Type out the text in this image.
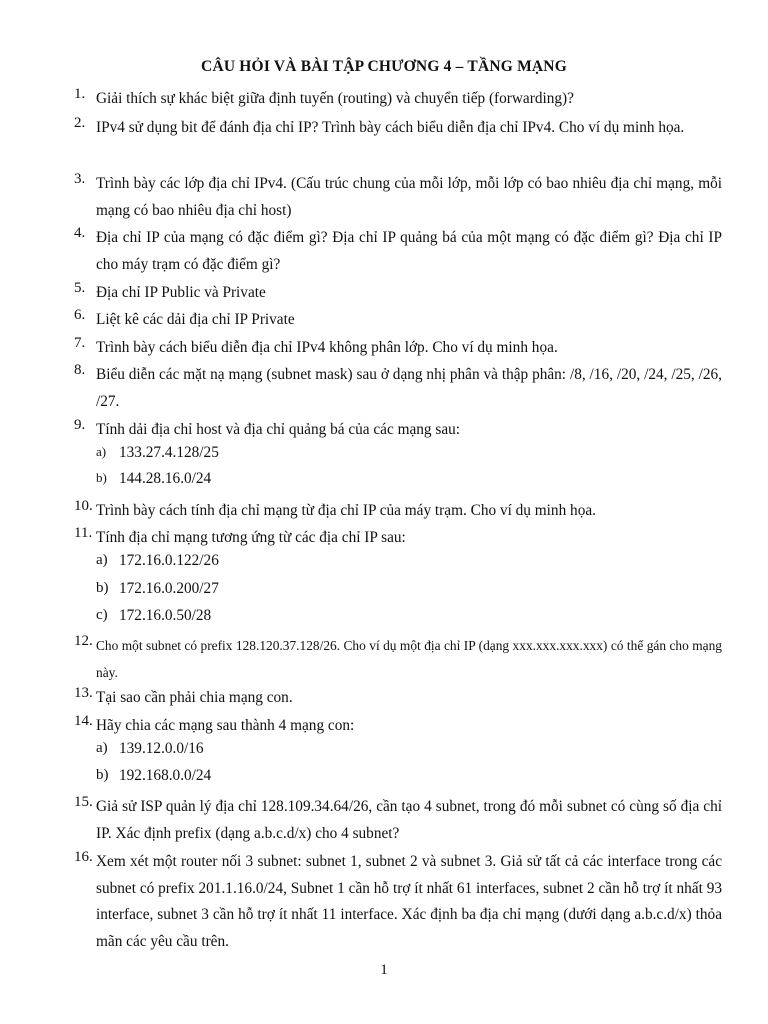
CÂU HỎI VÀ BÀI TẬP CHƯƠNG 4 – TẦNG MẠNG
1. Giải thích sự khác biệt giữa định tuyến (routing) và chuyển tiếp (forwarding)?
2. IPv4 sử dụng bit để đánh địa chỉ IP? Trình bày cách biểu diễn địa chỉ IPv4. Cho ví dụ minh họa.
3. Trình bày các lớp địa chỉ IPv4. (Cấu trúc chung của mỗi lớp, mỗi lớp có bao nhiêu địa chỉ mạng, mỗi mạng có bao nhiêu địa chỉ host)
4. Địa chỉ IP của mạng có đặc điểm gì? Địa chỉ IP quảng bá của một mạng có đặc điểm gì? Địa chỉ IP cho máy trạm có đặc điểm gì?
5. Địa chỉ IP Public và Private
6. Liệt kê các dải địa chỉ IP Private
7. Trình bày cách biểu diễn địa chỉ IPv4 không phân lớp. Cho ví dụ minh họa.
8. Biểu diễn các mặt nạ mạng (subnet mask) sau ở dạng nhị phân và thập phân: /8, /16, /20, /24, /25, /26, /27.
9. Tính dải địa chỉ host và địa chỉ quảng bá của các mạng sau:
a) 133.27.4.128/25
b) 144.28.16.0/24
10. Trình bày cách tính địa chỉ mạng từ địa chỉ IP của máy trạm. Cho ví dụ minh họa.
11. Tính địa chỉ mạng tương ứng từ các địa chỉ IP sau:
a) 172.16.0.122/26
b) 172.16.0.200/27
c) 172.16.0.50/28
12. Cho một subnet có prefix 128.120.37.128/26. Cho ví dụ một địa chỉ IP (dạng xxx.xxx.xxx.xxx) có thể gán cho mạng này.
13. Tại sao cần phải chia mạng con.
14. Hãy chia các mạng sau thành 4 mạng con:
a) 139.12.0.0/16
b) 192.168.0.0/24
15. Giả sử ISP quản lý địa chỉ 128.109.34.64/26, cần tạo 4 subnet, trong đó mỗi subnet có cùng số địa chỉ IP. Xác định prefix (dạng a.b.c.d/x) cho 4 subnet?
16. Xem xét một router nối 3 subnet: subnet 1, subnet 2 và subnet 3. Giả sử tất cả các interface trong các subnet có prefix 201.1.16.0/24, Subnet 1 cần hỗ trợ ít nhất 61 interfaces, subnet 2 cần hỗ trợ ít nhất 93 interface, subnet 3 cần hỗ trợ ít nhất 11 interface. Xác định ba địa chỉ mạng (dưới dạng a.b.c.d/x) thỏa mãn các yêu cầu trên.
1
